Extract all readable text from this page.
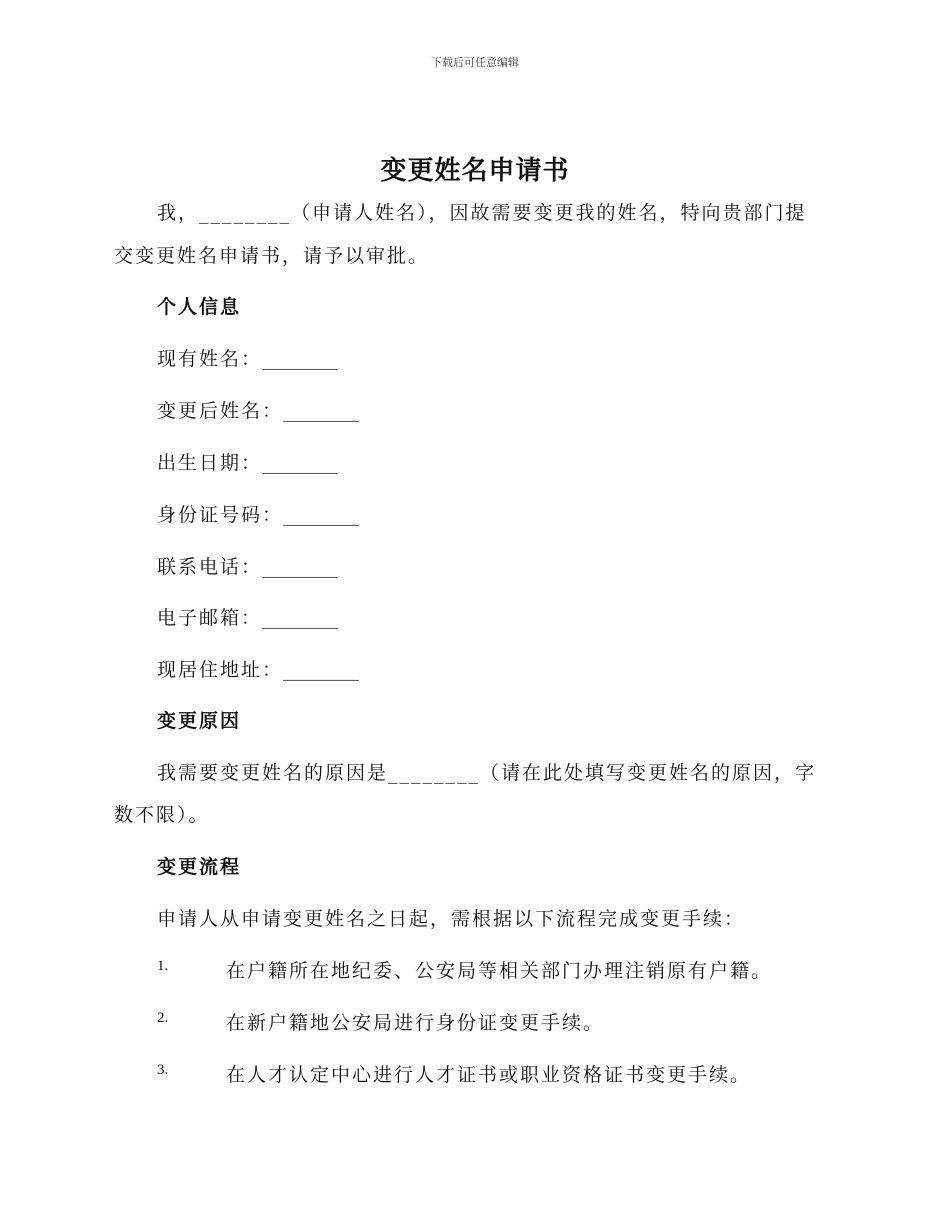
下载后可任意编辑
变更姓名申请书
我，________（申请人姓名），因故需要变更我的姓名，特向贵部门提
交变更姓名申请书，请予以审批。
个人信息
现有姓名：________
变更后姓名：________
出生日期：________
身份证号码：________
联系电话：________
电子邮箱：________
现居住地址：________
变更原因
我需要变更姓名的原因是________（请在此处填写变更姓名的原因，字
数不限）。
变更流程
申请人从申请变更姓名之日起，需根据以下流程完成变更手续：
1.	在户籍所在地纪委、公安局等相关部门办理注销原有户籍。
2.	在新户籍地公安局进行身份证变更手续。
3.	在人才认定中心进行人才证书或职业资格证书变更手续。
